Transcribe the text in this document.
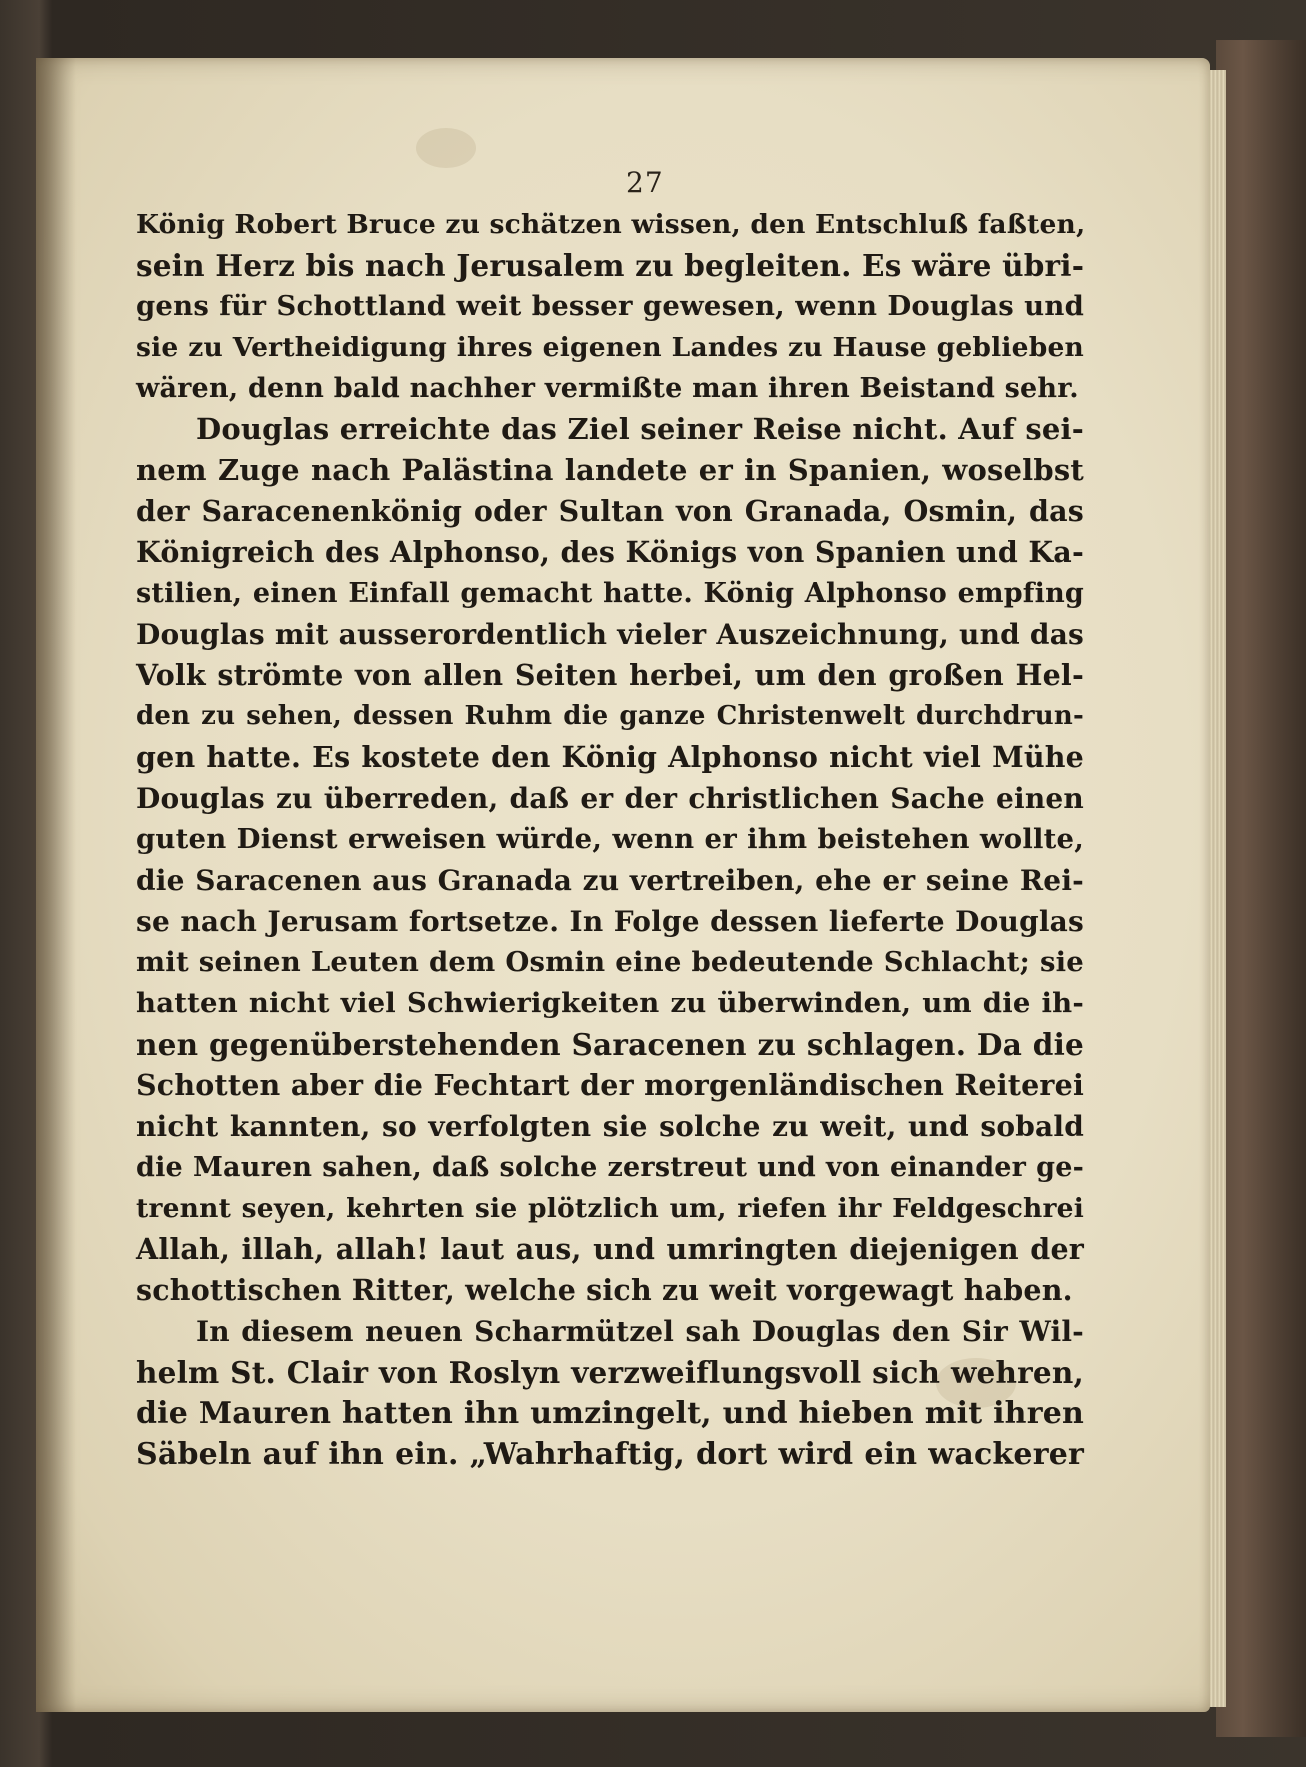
27
König Robert Bruce zu schätzen wissen, den Entschluß faßten,
sein Herz bis nach Jerusalem zu begleiten. Es wäre übri-
gens für Schottland weit besser gewesen, wenn Douglas und
sie zu Vertheidigung ihres eigenen Landes zu Hause geblieben
wären, denn bald nachher vermißte man ihren Beistand sehr.
Douglas erreichte das Ziel seiner Reise nicht. Auf sei-
nem Zuge nach Palästina landete er in Spanien, woselbst
der Saracenenkönig oder Sultan von Granada, Osmin, das
Königreich des Alphonso, des Königs von Spanien und Ka-
stilien, einen Einfall gemacht hatte. König Alphonso empfing
Douglas mit ausserordentlich vieler Auszeichnung, und das
Volk strömte von allen Seiten herbei, um den großen Hel-
den zu sehen, dessen Ruhm die ganze Christenwelt durchdrun-
gen hatte. Es kostete den König Alphonso nicht viel Mühe
Douglas zu überreden, daß er der christlichen Sache einen
guten Dienst erweisen würde, wenn er ihm beistehen wollte,
die Saracenen aus Granada zu vertreiben, ehe er seine Rei-
se nach Jerusam fortsetze. In Folge dessen lieferte Douglas
mit seinen Leuten dem Osmin eine bedeutende Schlacht; sie
hatten nicht viel Schwierigkeiten zu überwinden, um die ih-
nen gegenüberstehenden Saracenen zu schlagen. Da die
Schotten aber die Fechtart der morgenländischen Reiterei
nicht kannten, so verfolgten sie solche zu weit, und sobald
die Mauren sahen, daß solche zerstreut und von einander ge-
trennt seyen, kehrten sie plötzlich um, riefen ihr Feldgeschrei
Allah, illah, allah! laut aus, und umringten diejenigen der
schottischen Ritter, welche sich zu weit vorgewagt haben.
In diesem neuen Scharmützel sah Douglas den Sir Wil-
helm St. Clair von Roslyn verzweiflungsvoll sich wehren,
die Mauren hatten ihn umzingelt, und hieben mit ihren
Säbeln auf ihn ein. „Wahrhaftig, dort wird ein wackerer
